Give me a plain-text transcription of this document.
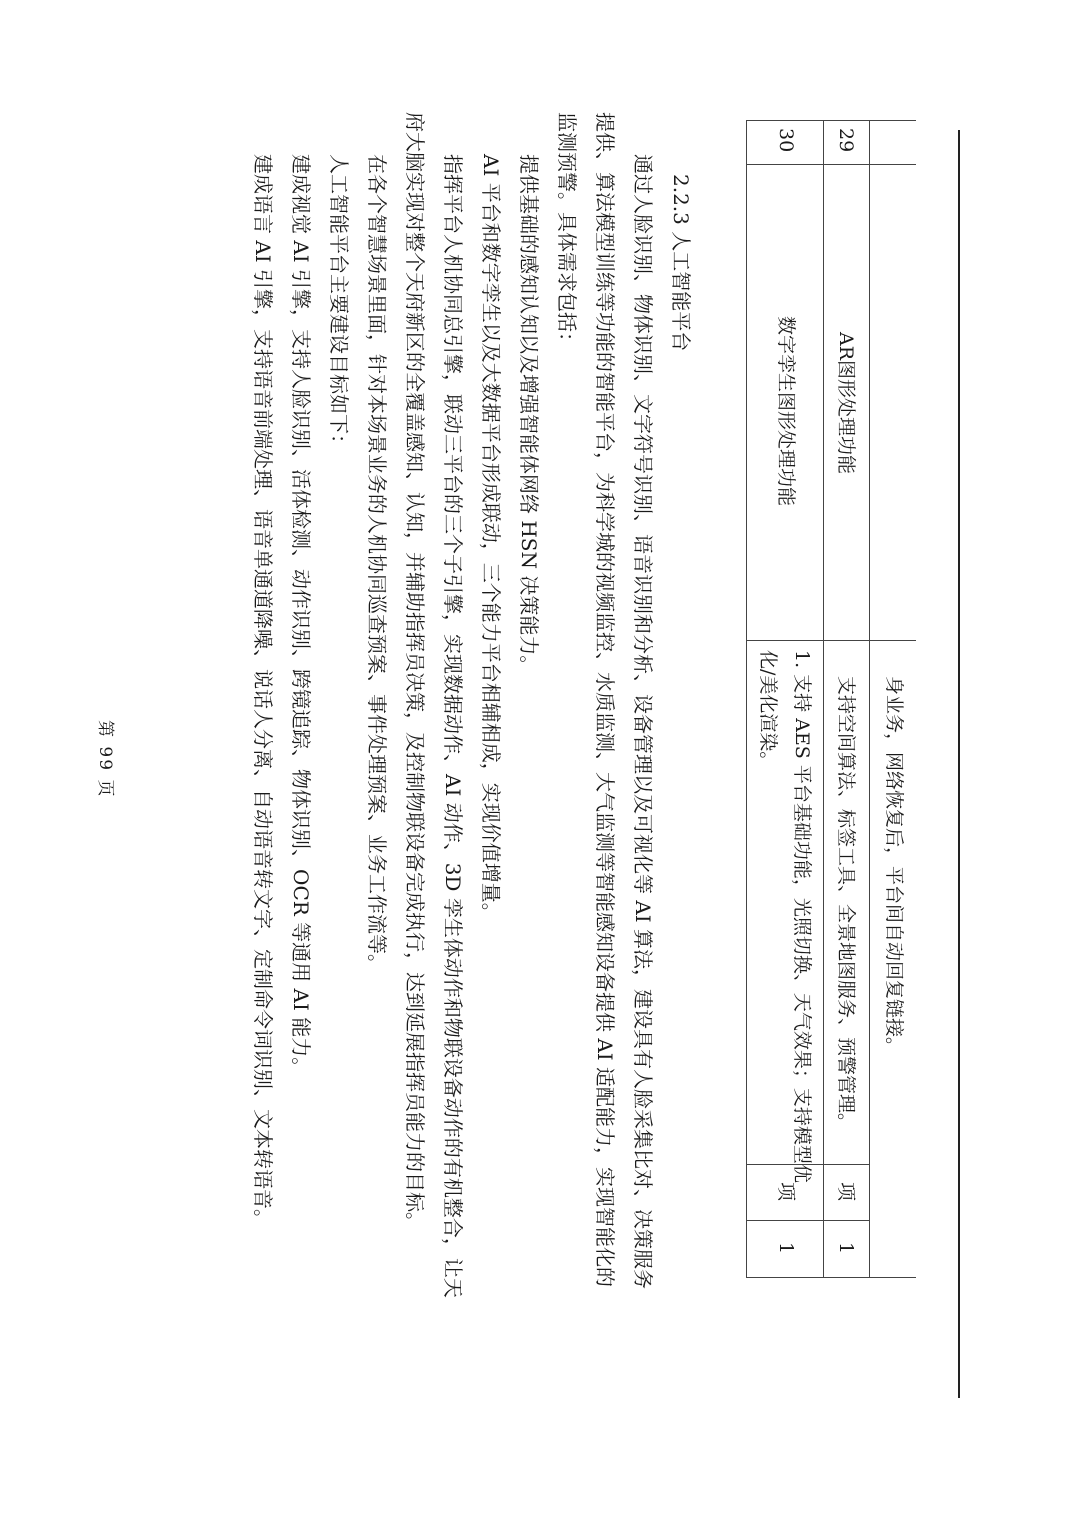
身业务，网络恢复后，平台间自动回复链接。
29
AR图形处理功能
支持空间算法、标签工具、全景地图服务、预警管理。
项
1
30
数字孪生图形处理功能
1. 支持 AES 平台基础功能，光照切换、天气效果；支持模型优
化/美化渲染。
项
1

2.2.3 人工智能平台

通过人脸识别、物体识别、文字符号识别、语音识别和分析、设备管理以及可视化等 AI 算法，建设具有人脸采集比对、决策服务

提供、算法模型训练等功能的智能平台，为科学城的视频监控、水质监测、大气监测等智能感知设备提供 AI 适配能力，实现智能化的

监测预警。具体需求包括：

提供基础的感知认知以及增强智能体网络 HSN 决策能力。

AI 平台和数字孪生以及大数据平台形成联动，三个能力平台相辅相成，实现价值增量。

指挥平台人机协同总引擎，联动三平台的三个子引擎，实现数据动作、AI 动作、3D 孪生体动作和物联设备动作的有机整合，让天

府大脑实现对整个天府新区的全覆盖感知、认知，并辅助指挥员决策，及控制物联设备完成执行，达到延展指挥员能力的目标。

在各个智慧场景里面，针对本场景业务的人机协同巡查预案、事件处理预案、业务工作流等。

人工智能平台主要建设目标如下：

建成视觉 AI 引擎，支持人脸识别、活体检测、动作识别、跨镜追踪、物体识别、OCR 等通用 AI 能力。

建成语言 AI 引擎，支持语音前端处理、语音单通道降噪、说话人分离、自动语音转文字、定制命令词识别、文本转语音。

第 99 页
